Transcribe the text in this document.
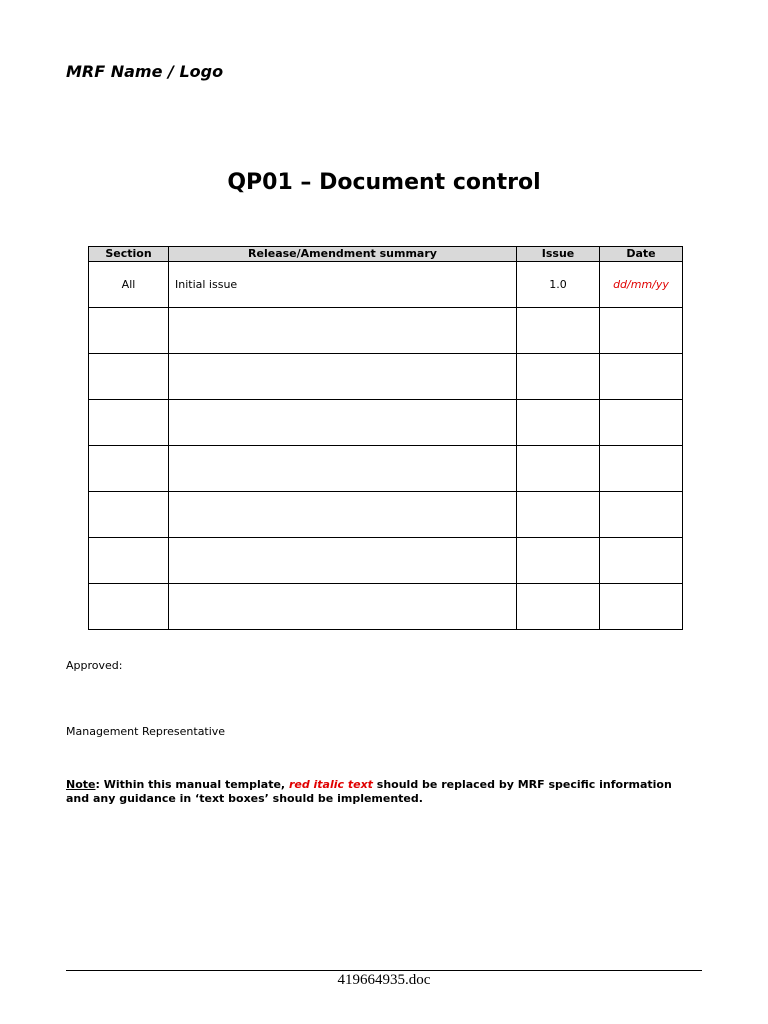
MRF Name / Logo
QP01 – Document control
Section	Release/Amendment summary	Issue	Date
All	Initial issue	1.0	dd/mm/yy

Approved:
Management Representative
Note: Within this manual template, red italic text should be replaced by MRF specific information and any guidance in ‘text boxes’ should be implemented.
419664935.doc
